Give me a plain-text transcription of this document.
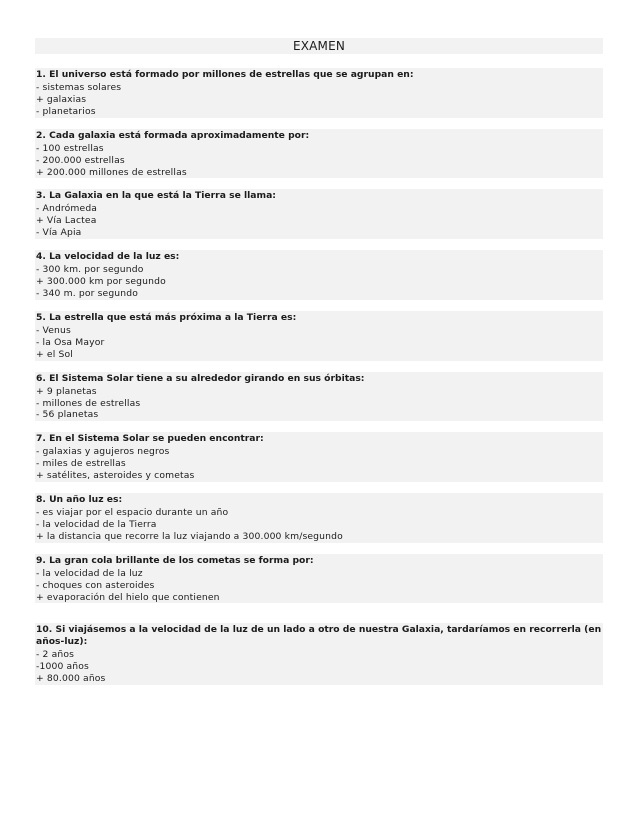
EXAMEN
1. El universo está formado por millones de estrellas que se agrupan en:
- sistemas solares
+ galaxias
- planetarios
2. Cada galaxia está formada aproximadamente por:
- 100 estrellas
- 200.000 estrellas
+ 200.000 millones de estrellas
3. La Galaxia en la que está la Tierra se llama:
- Andrómeda
+ Vía Lactea
- Vía Apia
4. La velocidad de la luz es:
- 300 km. por segundo
+ 300.000 km por segundo
- 340 m. por segundo
5. La estrella que está más próxima a la Tierra es:
- Venus
- la Osa Mayor
+ el Sol
6. El Sistema Solar tiene a su alrededor girando en sus órbitas:
+ 9 planetas
- millones de estrellas
- 56 planetas
7. En el Sistema Solar se pueden encontrar:
- galaxias y agujeros negros
- miles de estrellas
+ satélites, asteroides y cometas
8. Un año luz es:
- es viajar por el espacio durante un año
- la velocidad de la Tierra
+ la distancia que recorre la luz viajando a 300.000 km/segundo
9. La gran cola brillante de los cometas se forma por:
- la velocidad de la luz
- choques con asteroides
+ evaporación del hielo que contienen
10. Si viajásemos a la velocidad de la luz de un lado a otro de nuestra Galaxia, tardaríamos en recorrerla (en años-luz):
- 2 años
-1000 años
+ 80.000 años
